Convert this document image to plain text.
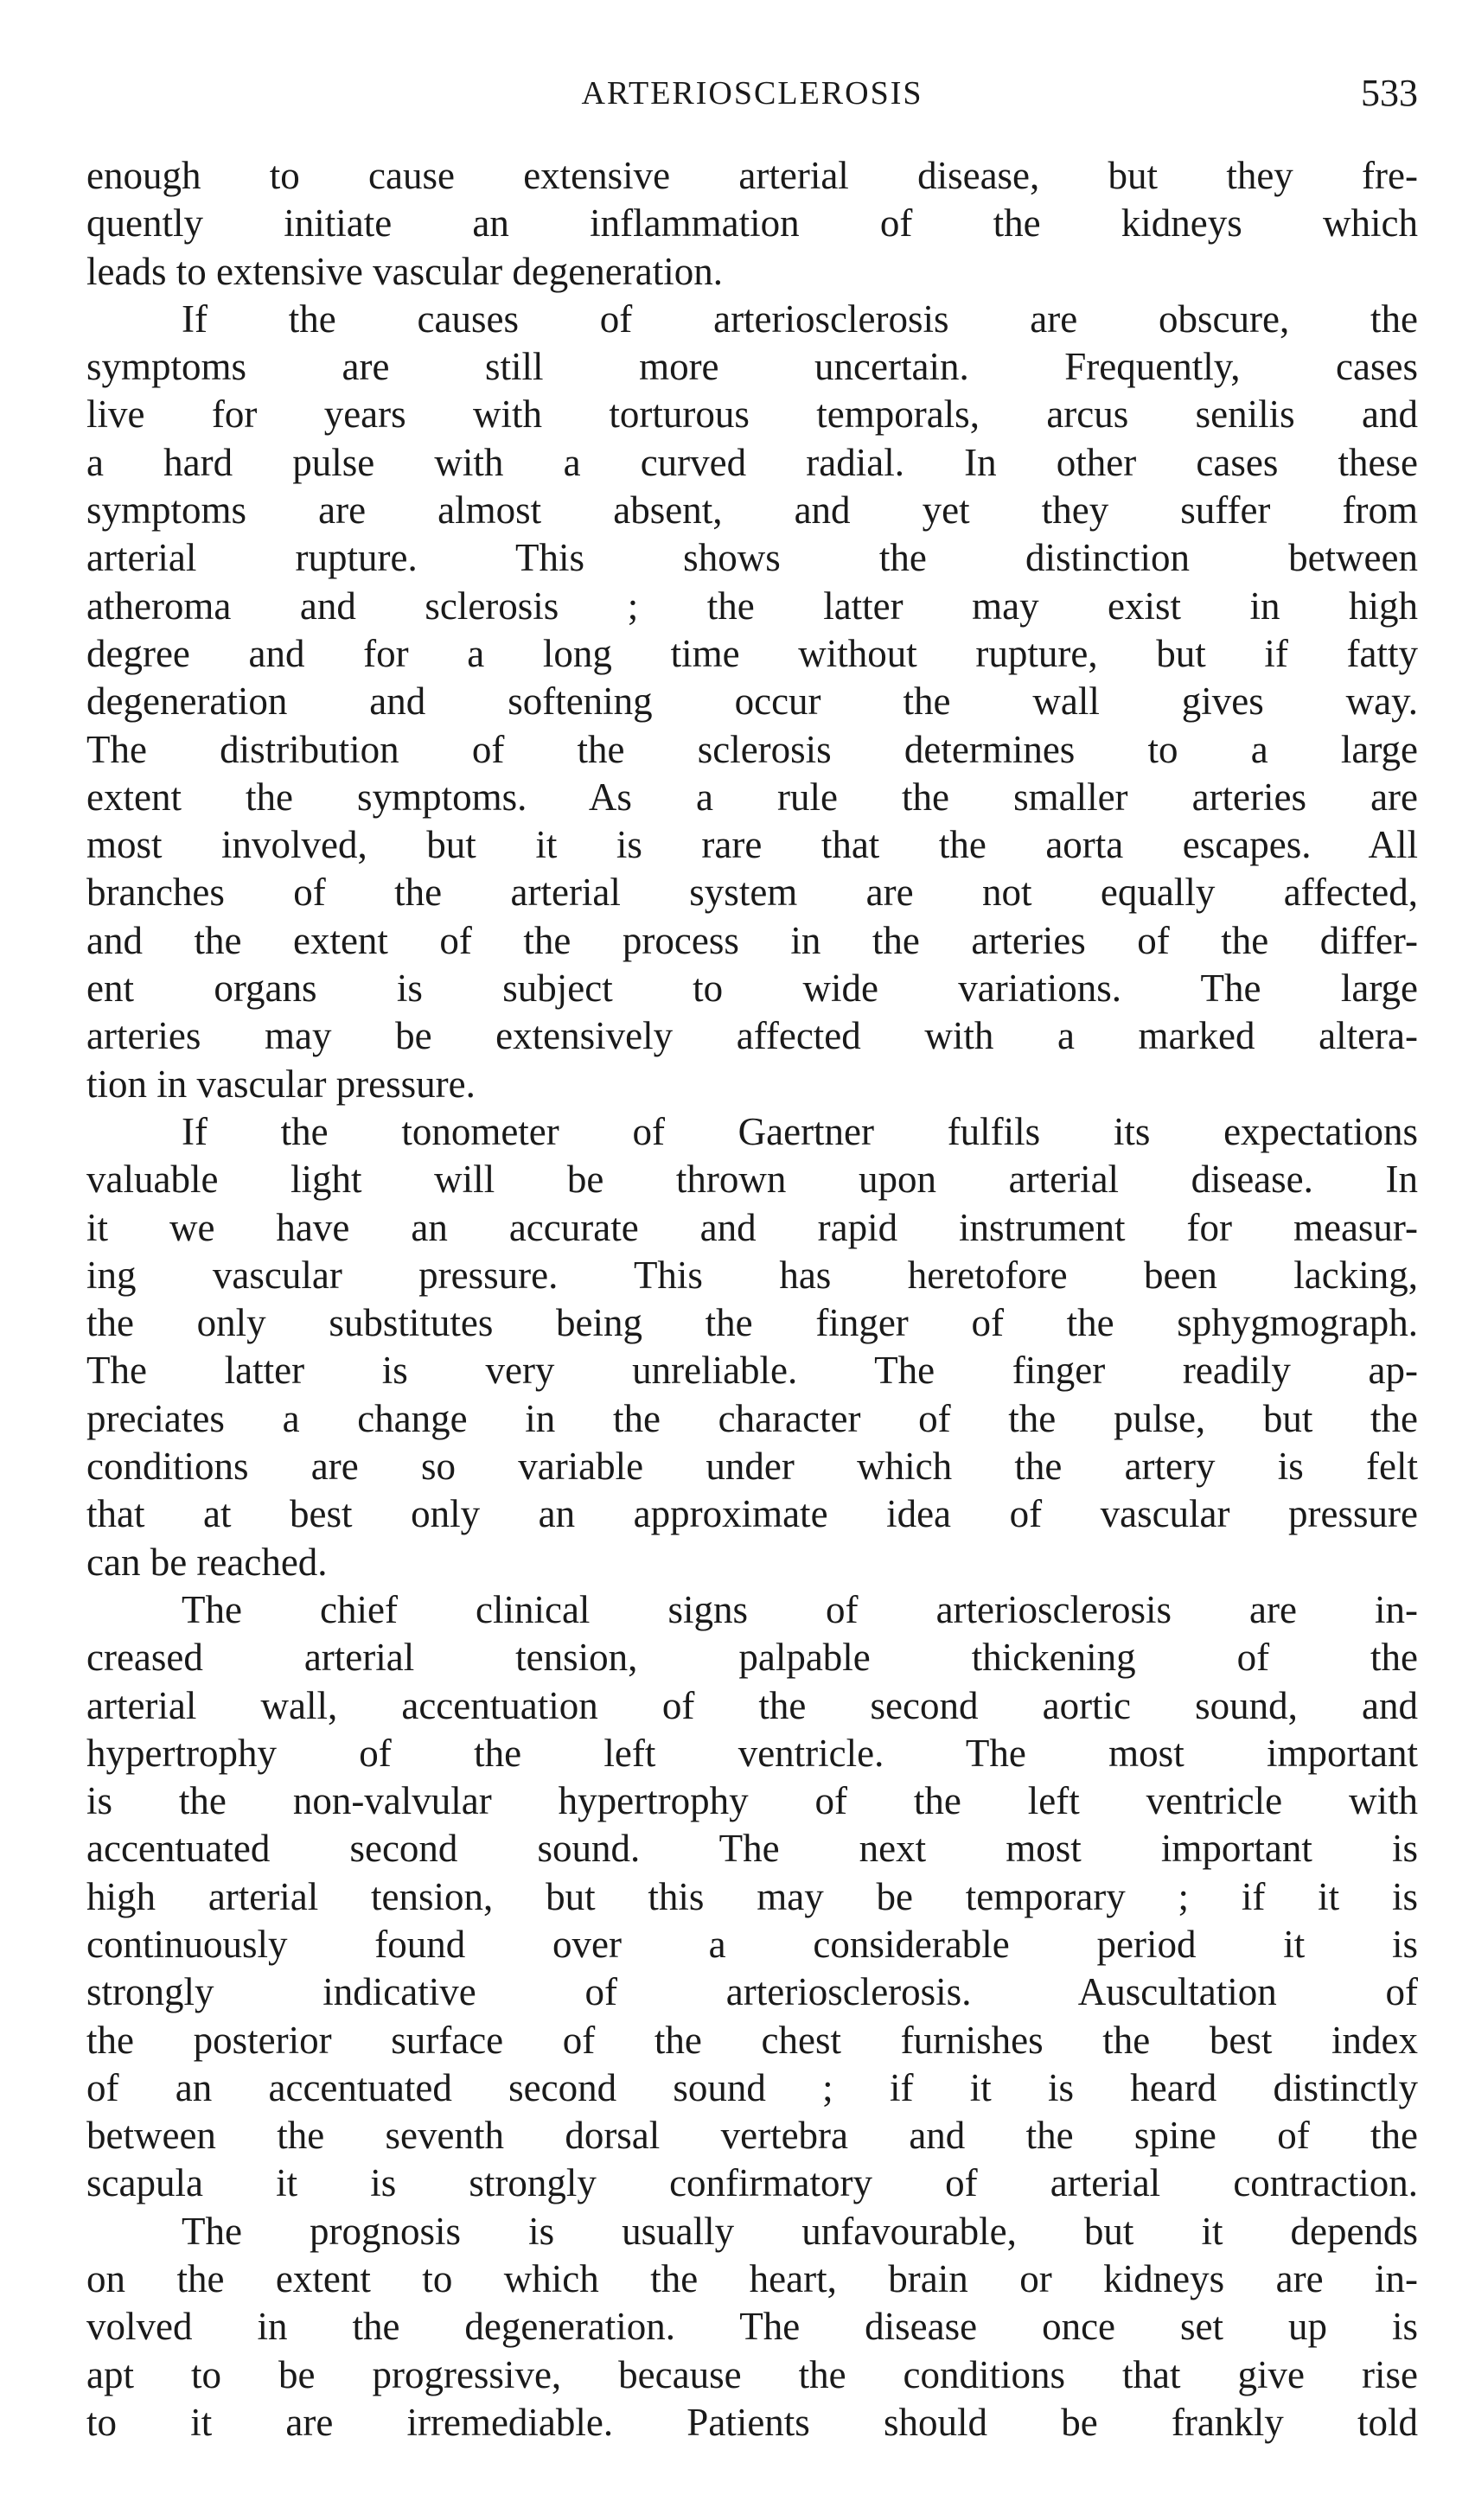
ARTERIOSCLEROSIS	533
enough to cause extensive arterial disease, but they fre-
quently initiate an inflammation of the kidneys which
leads to extensive vascular degeneration.
If the causes of arteriosclerosis are obscure, the
symptoms are still more uncertain. Frequently, cases
live for years with torturous temporals, arcus senilis and
a hard pulse with a curved radial. In other cases these
symptoms are almost absent, and yet they suffer from
arterial rupture. This shows the distinction between
atheroma and sclerosis ; the latter may exist in high
degree and for a long time without rupture, but if fatty
degeneration and softening occur the wall gives way.
The distribution of the sclerosis determines to a large
extent the symptoms. As a rule the smaller arteries are
most involved, but it is rare that the aorta escapes. All
branches of the arterial system are not equally affected,
and the extent of the process in the arteries of the differ-
ent organs is subject to wide variations. The large
arteries may be extensively affected with a marked altera-
tion in vascular pressure.
If the tonometer of Gaertner fulfils its expectations
valuable light will be thrown upon arterial disease. In
it we have an accurate and rapid instrument for measur-
ing vascular pressure. This has heretofore been lacking,
the only substitutes being the finger of the sphygmograph.
The latter is very unreliable. The finger readily ap-
preciates a change in the character of the pulse, but the
conditions are so variable under which the artery is felt
that at best only an approximate idea of vascular pressure
can be reached.
The chief clinical signs of arteriosclerosis are in-
creased arterial tension, palpable thickening of the
arterial wall, accentuation of the second aortic sound, and
hypertrophy of the left ventricle. The most important
is the non-valvular hypertrophy of the left ventricle with
accentuated second sound. The next most important is
high arterial tension, but this may be temporary ; if it is
continuously found over a considerable period it is
strongly indicative of arteriosclerosis. Auscultation of
the posterior surface of the chest furnishes the best index
of an accentuated second sound ; if it is heard distinctly
between the seventh dorsal vertebra and the spine of the
scapula it is strongly confirmatory of arterial contraction.
The prognosis is usually unfavourable, but it depends
on the extent to which the heart, brain or kidneys are in-
volved in the degeneration. The disease once set up is
apt to be progressive, because the conditions that give rise
to it are irremediable. Patients should be frankly told
